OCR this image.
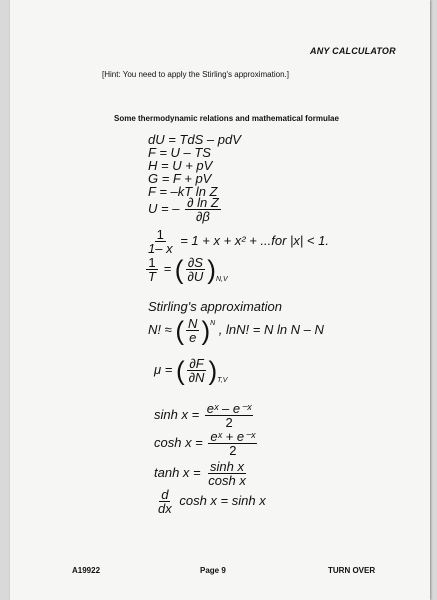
ANY CALCULATOR
[Hint: You need to apply the Stirling's approximation.]
Some thermodynamic relations and mathematical formulae
dU = TdS – pdV
F = U – TS
H = U + pV
G = F + pV
F = –kT ln Z
U = – $\frac{\text{∂ ln Z}}{\partial\beta}$
$\frac{1}{1- x} = 1 + x + x^2 + ...for$ |x| < 1.
$\frac{1}{T}$ = ( $\frac{\partial S}{\partial U} )_{N,V}$
Stirling's approximation
N! ≈ ( $\frac{N}{e} )^N$ , lnN! = N ln N – N
μ = ( $\frac{\partial F}{\partial N} )_{T,V}$
$\sinh x = \frac{\text{eˣ – e⁻ˣ}}{2}$
$\cosh x = \frac{\text{eˣ + e⁻ˣ}}{2}$
$\tanh x = \frac{\text{sinh x}}{\text{cosh x}}$
$\frac{d}{dx}$ cosh x = sinh x
A19922	Page 9	TURN OVER
